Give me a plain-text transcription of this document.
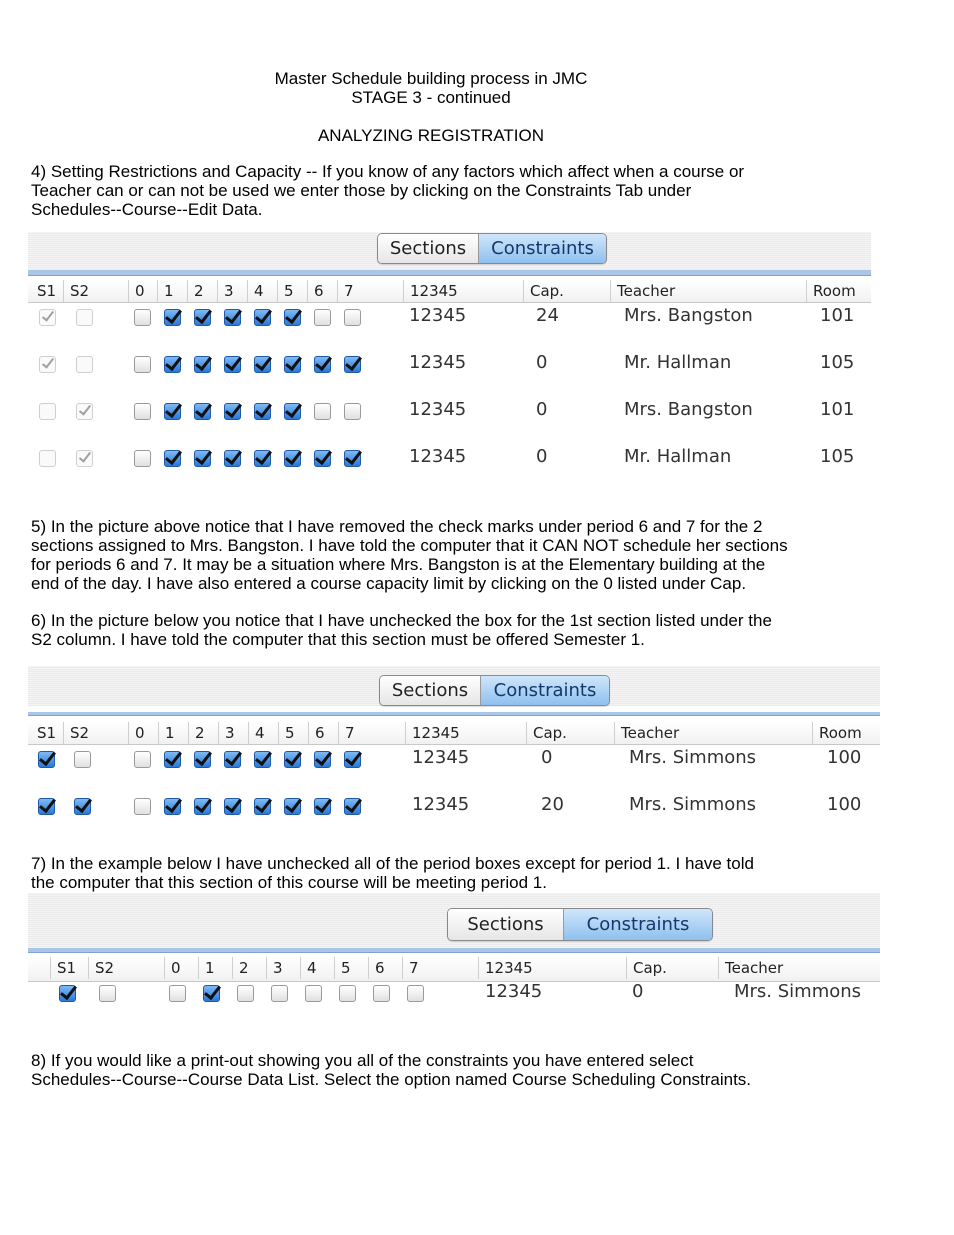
Master Schedule building process in JMC
STAGE 3 - continued
ANALYZING REGISTRATION
4) Setting Restrictions and Capacity -- If you know of any factors which affect when a course or
Teacher can or can not be used we enter those by clicking on the Constraints Tab under
Schedules--Course--Edit Data.
Sections	Constraints
S1 S2	0	1	2	3	4	5	6	7	12345	Cap.	Teacher	Room
12345	24	Mrs. Bangston	101
12345	0	Mr. Hallman	105
12345	0	Mrs. Bangston	101
12345	0	Mr. Hallman	105
5) In the picture above notice that I have removed the check marks under period 6 and 7 for the 2
sections assigned to Mrs. Bangston. I have told the computer that it CAN NOT schedule her sections
for periods 6 and 7. It may be a situation where Mrs. Bangston is at the Elementary building at the
end of the day. I have also entered a course capacity limit by clicking on the 0 listed under Cap.
6) In the picture below you notice that I have unchecked the box for the 1st section listed under the
S2 column. I have told the computer that this section must be offered Semester 1.
Sections	Constraints
S1 S2	0	1	2	3	4	5	6	7	12345	Cap.	Teacher	Room
12345	0	Mrs. Simmons	100
12345	20	Mrs. Simmons	100
7) In the example below I have unchecked all of the period boxes except for period 1. I have told
the computer that this section of this course will be meeting period 1.
Sections	Constraints
S1	S2	0	1	2	3	4	5	6	7	12345	Cap.	Teacher
12345	0	Mrs. Simmons
8) If you would like a print-out showing you all of the constraints you have entered select
Schedules--Course--Course Data List. Select the option named Course Scheduling Constraints.
